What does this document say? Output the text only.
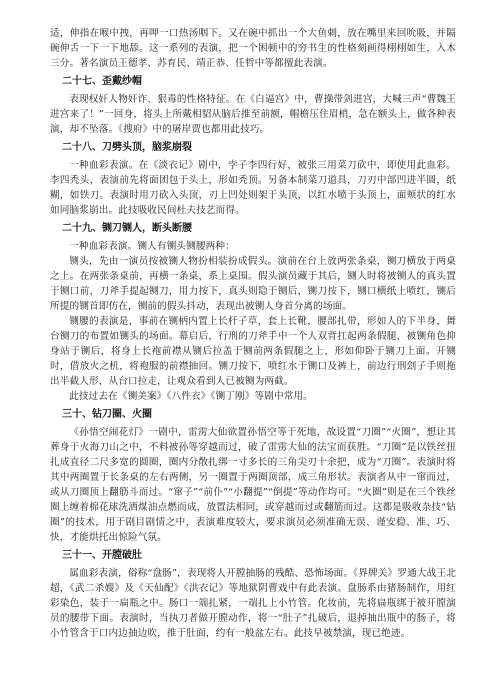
适，伸指在喉中拽，再呷一口热汤咽下。又在碗中抓出一个大鱼刺，放在嘴里来回吮吸，并隔碗伸舌一下一下地舔。这一系列的表演，把一个困顿中的穷书生的性格刻画得栩栩如生，入木三分。著名演员王德孝、苏育民、靖正恭、任哲中等都擅此表演。

二十七、歪戴纱帽

表现权奸人物奸诈、狠毒的性格特征。在《白逼宫》中，曹操带剑进宫，大喊三声“曹魏王进宫来了！”一回身，将头上所戴相貂从脑后推至前额，帽檐压住眉梢，急在额头上，做各种表演，却不坠落。《搜府》中的屠岸贾也都用此技巧。

二十八、刀劈头顶，脑浆崩裂

一种血彩表演。在《淡衣记》剧中，孛子李四行好，被张三用菜刀砍中，即使用此血彩。李四秃头，表演前先将面团包于头上，形如秃顶。另备本制菜刀道具，刀刃中部凹进半圆，纸糊，如铁刀。表演时用刀砍入头顶，刃上凹处则架于头顶，以红水喷于头顶上，面颊状的红水如同脑浆崩出。此技吸收民间杜夫技艺而得。

二十九、铡刀铡人，断头断腰

一种血彩表演。铡人有铡头铡腰两种：

铡头，先由一演员按被铡人物扮相装扮成假头。演前在台上放两张条桌，铡刀横放于两桌之上。在两张条桌前，再横一条桌，系上桌围。假头演员藏于其后，铡人时将被铡人的真头置于铡口前，刀斧手提起铡刀，用力按下，真头则隐于铡后，铡刀按下，铡口横纸上喷红，铡后所提的铡首即仿在，铡前的假头抖动，表现出被铡人身首分离的场面。

铡腰的表演是，事前在铡柄内置上长杆子草，套上长靴，腰部扎带，形如人的下半身，舞台铡刀的布置如铡头的场面。幕启后，行刑的刀斧手中一个人双背扛起两条假腿，被铡角色抑身站于铡后，将身上长袍前襟从铡后拉盖于铡前两条假腿之上，形如仰卧于铡刀上面。开铡时，借放火之机，将袍服的前襟抽回。铡刀按下，喷红水于铡口及裤上，前边行刑刽子手则拖出半截人形，从台口拉走，让观众看到人已被铡为两截。

此技过去在《铡美案》《八件衣》《铡丁刚》等剧中常用。

三十、钻刀圈、火圈

《孙悟空闹花灯》一剧中，雷雳大仙欲置孙悟空等于死地，故设置“刀圈”“火圈”，想让其葬身于火海刀山之中，不料被孙等穿越而过，破了雷雳大仙的法宝而获胜。“刀圈”是以铁丝扭扎成直径二尺多宽的圆圈，圈内分散扎绑一寸多长的三角尖刃十余把，成为“刀圈”。表演时将其中两圈置于长条桌的左右两侧，另一圈置于两圈顶部，成三角形状。表演者从中一窜而过，或从刀圈顶上翻筋斗而过。“窜子”“前仆”“小翻提”“倒提”等动作均可。“火圈”则是在三个铁丝圈上缠着棉花球洗洒煤油点燃而成，放置法相同，或穿越而过或翻筋而过。这都是吸收杂技“钻圈”的技术，用于剧目剧情之中，表演难度较大，要求演员必须准确无误、谨安稳、准、巧、快，才能烘托出惊险气氛。

三十一、开膛破肚

属血彩表演，俗称“盘肠”，表现将人开膛抽肠的残酷、恐怖场面。《界牌关》罗通大战王北超，《武二杀嫂》及《天仙配》《洪衣记》等地狱阴曹戏中有此表演。盘肠系由猪肠制作，用红彩染色，装于一扁瓶之中。肠口一端扎紧，一端扎上小竹管。化妆前，先将扁瓶绑于被开膛演员的腰带下面。表演时，当执刀者做开膛动作，将一“肚子”扎破后，退掉抽出瓶中的肠子，将小竹管含于口内边抽边吹，推于肚面，约有一般盆左右。此技早被禁演，现已绝迹。
